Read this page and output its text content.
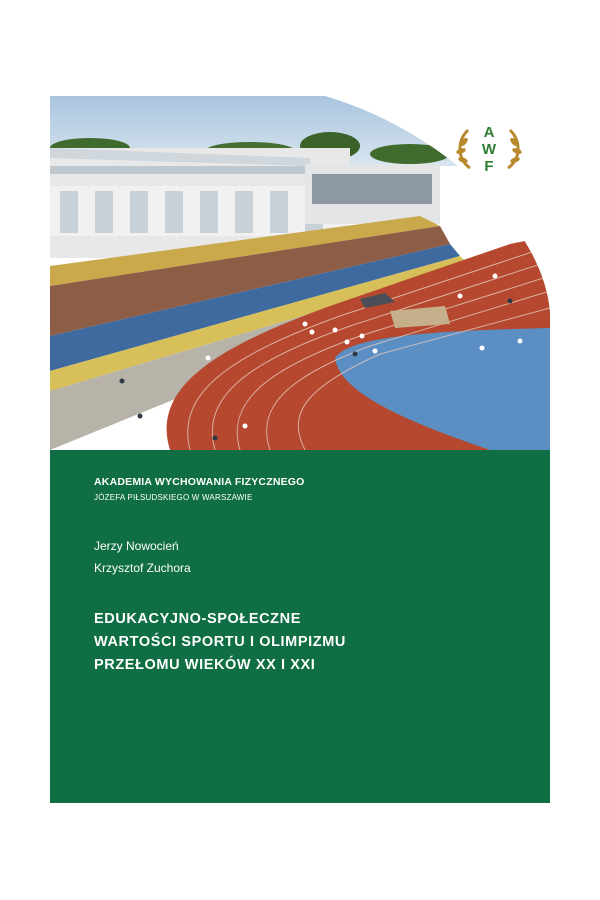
A
W
F
AKADEMIA WYCHOWANIA FIZYCZNEGO
JÓZEFA PIŁSUDSKIEGO W WARSZAWIE
Jerzy Nowocień
Krzysztof Zuchora
EDUKACYJNO-SPOŁECZNE
WARTOŚCI SPORTU I OLIMPIZMU
PRZEŁOMU WIEKÓW XX I XXI
